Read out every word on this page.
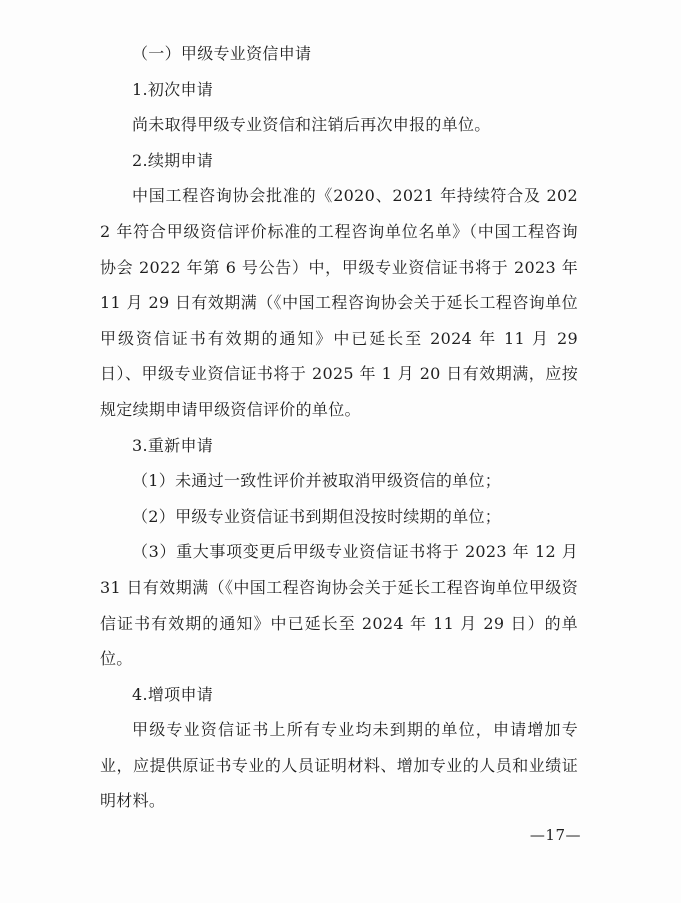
（一）甲级专业资信申请

1.初次申请

尚未取得甲级专业资信和注销后再次申报的单位。

2.续期申请

中国工程咨询协会批准的《2020、2021 年持续符合及 2022 年符合甲级资信评价标准的工程咨询单位名单》（中国工程咨询协会 2022 年第 6 号公告）中，甲级专业资信证书将于 2023 年 11 月 29 日有效期满（《中国工程咨询协会关于延长工程咨询单位甲级资信证书有效期的通知》中已延长至 2024 年 11 月 29 日）、甲级专业资信证书将于 2025 年 1 月 20 日有效期满，应按规定续期申请甲级资信评价的单位。

3.重新申请

（1）未通过一致性评价并被取消甲级资信的单位；

（2）甲级专业资信证书到期但没按时续期的单位；

（3）重大事项变更后甲级专业资信证书将于 2023 年 12 月 31 日有效期满（《中国工程咨询协会关于延长工程咨询单位甲级资信证书有效期的通知》中已延长至 2024 年 11 月 29 日）的单位。

4.增项申请

甲级专业资信证书上所有专业均未到期的单位，申请增加专业，应提供原证书专业的人员证明材料、增加专业的人员和业绩证明材料。

—17—
